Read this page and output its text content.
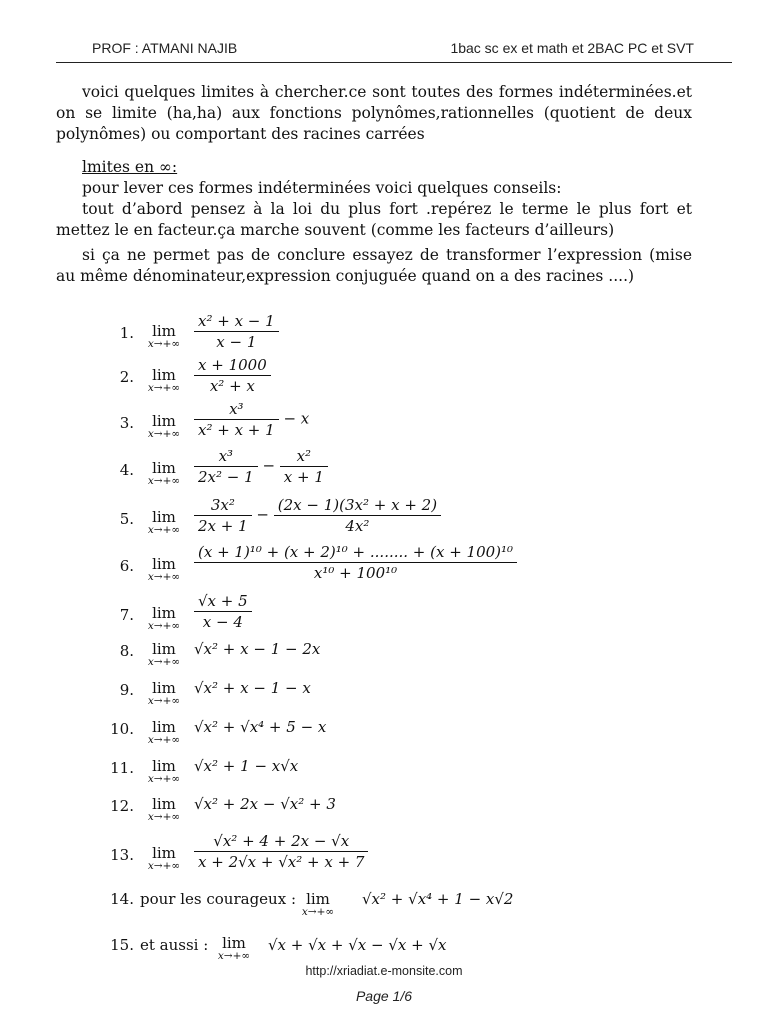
PROF : ATMANI NAJIB	1bac sc ex et math et 2BAC PC et SVT

voici quelques limites à chercher.ce sont toutes des formes indéterminées.et on se limite (ha,ha) aux fonctions polynômes,rationnelles (quotient de deux polynômes) ou comportant des racines carrées

lmites en ∞:

pour lever ces formes indéterminées voici quelques conseils:

tout d’abord pensez à la loi du plus fort .repérez le terme le plus fort et mettez le en facteur.ça marche souvent (comme les facteurs d’ailleurs)

si ça ne permet pas de conclure essayez de transformer l’expression (mise au même dénominateur,expression conjuguée quand on a des racines ....)

1.	lim
$x\to+\infty \frac{\text{x² + x − 1}}{x - 1}$
2.	lim
$x\to+\infty \frac{x + 1000}{\text{x² + x}}$
3.	lim
$x\to+\infty \frac{\text{x³}}{\text{x² + x + 1}} - x$
4.	lim
$x\to+\infty \frac{\text{x³}}{\text{2x² − 1}} - \frac{\text{x²}}{x + 1}$
5.	lim
$x\to+\infty \frac{\text{3x²}}{2x + 1} - \frac{\text{(2x − 1)(3x² + x + 2)}}{\text{4x²}}$
6.	lim
$x\to+\infty \frac{\text{(x + 1)¹⁰ + (x + 2)¹⁰ + ........ + (x + 100)¹⁰}}{\text{x¹⁰ + 100¹⁰}}$
7.	lim
$x\to+\infty \frac{√x + 5}{x - 4}$
8.	lim
x→+∞
√x² + x − 1 − 2x
9.	lim
x→+∞
√x² + x − 1 − x
10.	lim
x→+∞
√x² + √x⁴ + 5 − x
11.	lim
x→+∞
√x² + 1 − x√x
12.	lim
x→+∞
√x² + 2x − √x² + 3
13.	lim
$x\to+\infty \frac{\text{√x² + 4 + 2x − √x}}{\text{x + 2√x + √x² + x + 7}}$
14. pour les courageux : lim
x→+∞
√x² + √x⁴ + 1 − x√2
15. et aussi : lim
x→+∞
√x + √x + √x − √x + √x
http://xriadiat.e-monsite.com
Page 1/6
